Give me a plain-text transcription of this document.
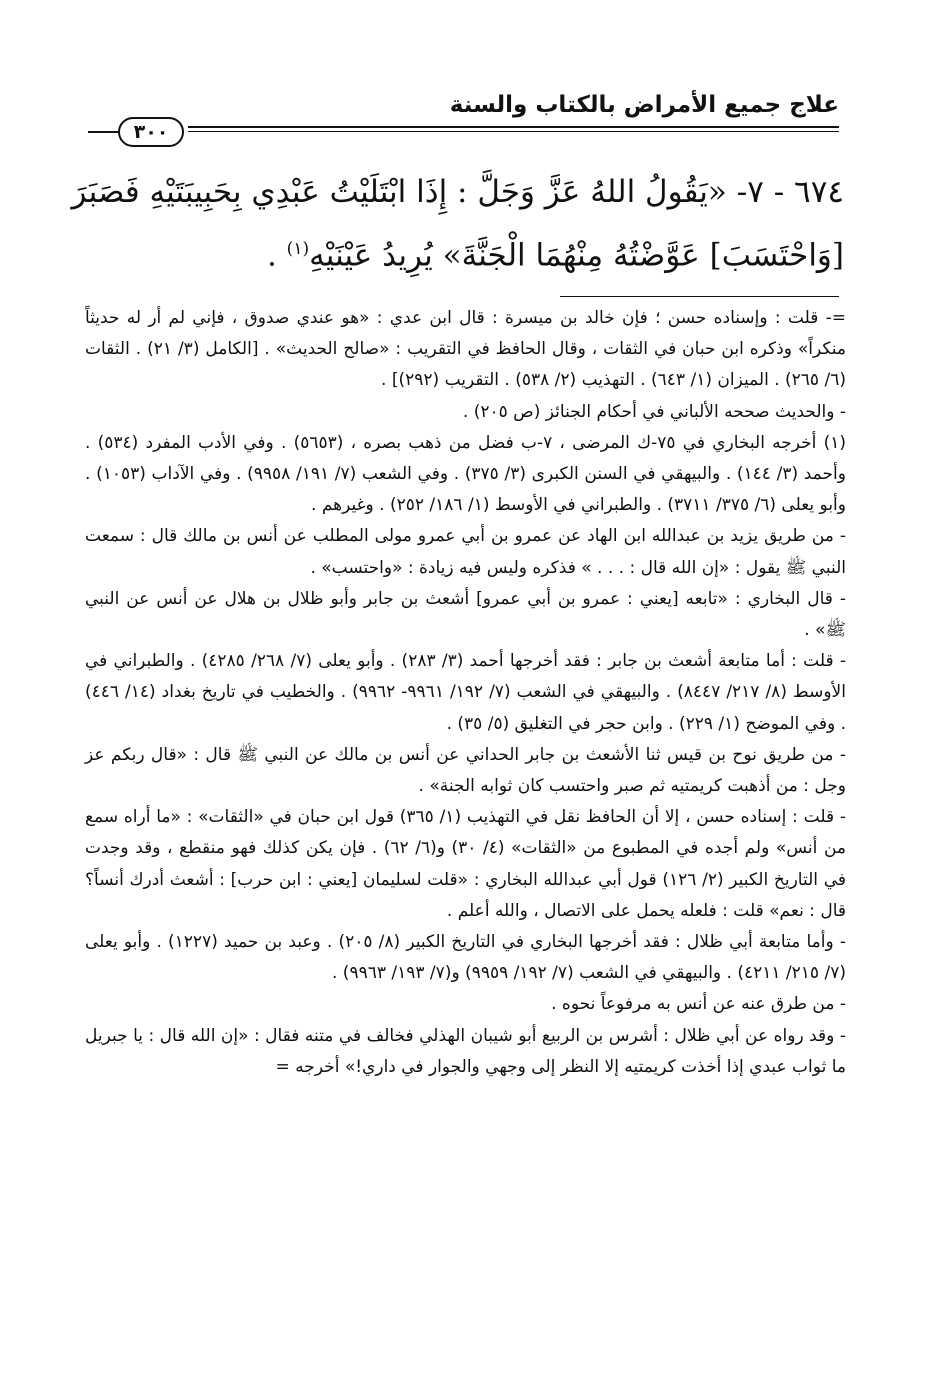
علاج جميع الأمراض بالكتاب والسنة
٣٠٠

٦٧٤ - ٧- «يَقُولُ اللهُ عَزَّ وَجَلَّ : إِذَا ابْتَلَيْتُ عَبْدِي بِحَبِيبَتَيْهِ فَصَبَرَ

[وَاحْتَسَبَ] عَوَّضْتُهُ مِنْهُمَا الْجَنَّةَ» يُرِيدُ عَيْنَيْهِ$^{(١)}$ .

=- قلت : وإسناده حسن ؛ فإن خالد بن ميسرة : قال ابن عدي : «هو عندي صدوق ، فإني لم أر له حديثاً منكراً» وذكره ابن حبان في الثقات ، وقال الحافظ في التقريب : «صالح الحديث» . [الكامل (٣/ ٢١) . الثقات (٦/ ٢٦٥) . الميزان (١/ ٦٤٣) . التهذيب (٢/ ٥٣٨) . التقريب (٢٩٢)] .

- والحديث صححه الألباني في أحكام الجنائز (ص ٢٠٥) .

(١) أخرجه البخاري في ٧٥-ك المرضى ، ٧-ب فضل من ذهب بصره ، (٥٦٥٣) . وفي الأدب المفرد (٥٣٤) . وأحمد (٣/ ١٤٤) . والبيهقي في السنن الكبرى (٣/ ٣٧٥) . وفي الشعب (٧/ ١٩١/ ٩٩٥٨) . وفي الآداب (١٠٥٣) . وأبو يعلى (٦/ ٣٧٥/ ٣٧١١) . والطبراني في الأوسط (١/ ١٨٦/ ٢٥٢) . وغيرهم .

- من طريق يزيد بن عبدالله ابن الهاد عن عمرو بن أبي عمرو مولى المطلب عن أنس بن مالك قال : سمعت النبي ﷺ يقول : «إن الله قال : . . . » فذكره وليس فيه زيادة : «واحتسب» .

- قال البخاري : «تابعه [يعني : عمرو بن أبي عمرو] أشعث بن جابر وأبو ظلال بن هلال عن أنس عن النبي ﷺ» .

- قلت : أما متابعة أشعث بن جابر : فقد أخرجها أحمد (٣/ ٢٨٣) . وأبو يعلى (٧/ ٢٦٨/ ٤٢٨٥) . والطبراني في الأوسط (٨/ ٢١٧/ ٨٤٤٧) . والبيهقي في الشعب (٧/ ١٩٢/ ٩٩٦١- ٩٩٦٢) . والخطيب في تاريخ بغداد (١٤/ ٤٤٦) . وفي الموضح (١/ ٢٢٩) . وابن حجر في التغليق (٥/ ٣٥) .

- من طريق نوح بن قيس ثنا الأشعث بن جابر الحداني عن أنس بن مالك عن النبي ﷺ قال : «قال ربكم عز وجل : من أذهبت كريمتيه ثم صبر واحتسب كان ثوابه الجنة» .

- قلت : إسناده حسن ، إلا أن الحافظ نقل في التهذيب (١/ ٣٦٥) قول ابن حبان في «الثقات» : «ما أراه سمع من أنس» ولم أجده في المطبوع من «الثقات» (٤/ ٣٠) و(٦/ ٦٢) . فإن يكن كذلك فهو منقطع ، وقد وجدت في التاريخ الكبير (٢/ ١٢٦) قول أبي عبدالله البخاري : «قلت لسليمان [يعني : ابن حرب] : أشعث أدرك أنساً؟ قال : نعم» قلت : فلعله يحمل على الاتصال ، والله أعلم .

- وأما متابعة أبي ظلال : فقد أخرجها البخاري في التاريخ الكبير (٨/ ٢٠٥) . وعبد بن حميد (١٢٢٧) . وأبو يعلى (٧/ ٢١٥/ ٤٢١١) . والبيهقي في الشعب (٧/ ١٩٢/ ٩٩٥٩) و(٧/ ١٩٣/ ٩٩٦٣) .

- من طرق عنه عن أنس به مرفوعاً نحوه .

- وقد رواه عن أبي ظلال : أشرس بن الربيع أبو شيبان الهذلي فخالف في متنه فقال : «إن الله قال : يا جبريل ما ثواب عبدي إذا أخذت كريمتيه إلا النظر إلى وجهي والجوار في داري!» أخرجه =
